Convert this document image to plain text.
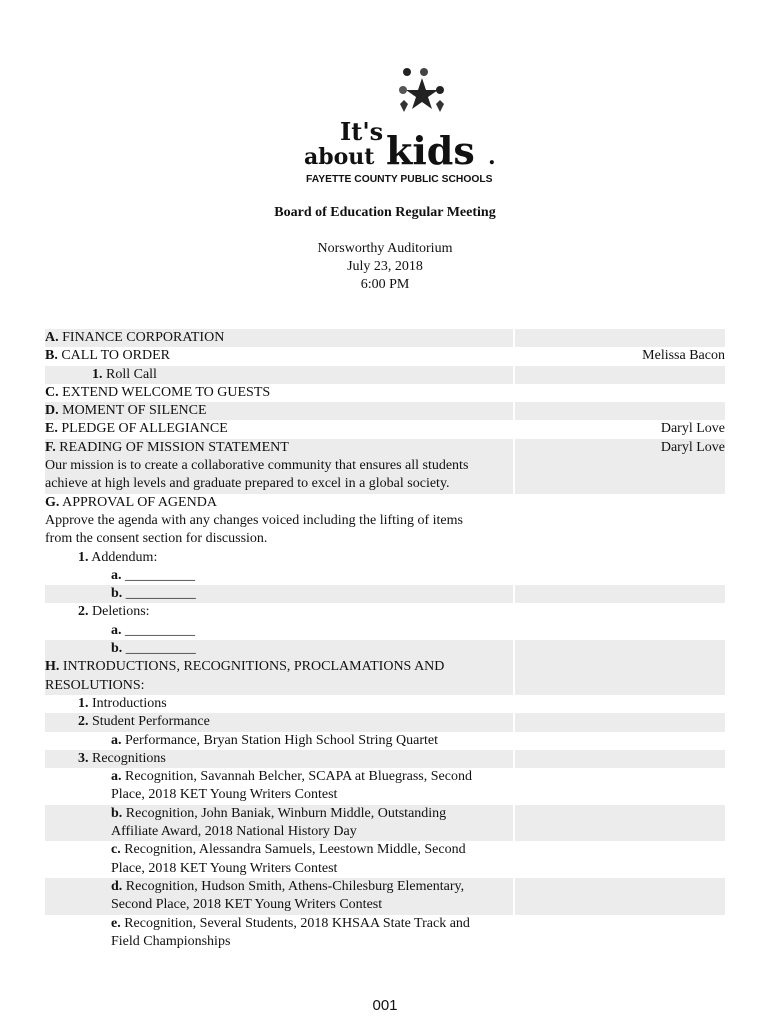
It's
about kids .
FAYETTE COUNTY PUBLIC SCHOOLS
Board of Education Regular Meeting
Norsworthy Auditorium
July 23, 2018
6:00 PM
A. FINANCE CORPORATION
B. CALL TO ORDER	Melissa Bacon
1. Roll Call
C. EXTEND WELCOME TO GUESTS
D. MOMENT OF SILENCE
E. PLEDGE OF ALLEGIANCE	Daryl Love
F. READING OF MISSION STATEMENT	Daryl Love
Our mission is to create a collaborative community that ensures all students
achieve at high levels and graduate prepared to excel in a global society.
G. APPROVAL OF AGENDA
Approve the agenda with any changes voiced including the lifting of items
from the consent section for discussion.
1. Addendum:
a. __________
b. __________
2. Deletions:
a. __________
b. __________
H. INTRODUCTIONS, RECOGNITIONS, PROCLAMATIONS AND
RESOLUTIONS:
1. Introductions
2. Student Performance
a. Performance, Bryan Station High School String Quartet
3. Recognitions
a. Recognition, Savannah Belcher, SCAPA at Bluegrass, Second
Place, 2018 KET Young Writers Contest
b. Recognition, John Baniak, Winburn Middle, Outstanding
Affiliate Award, 2018 National History Day
c. Recognition, Alessandra Samuels, Leestown Middle, Second
Place, 2018 KET Young Writers Contest
d. Recognition, Hudson Smith, Athens-Chilesburg Elementary,
Second Place, 2018 KET Young Writers Contest
e. Recognition, Several Students, 2018 KHSAA State Track and
Field Championships
001
